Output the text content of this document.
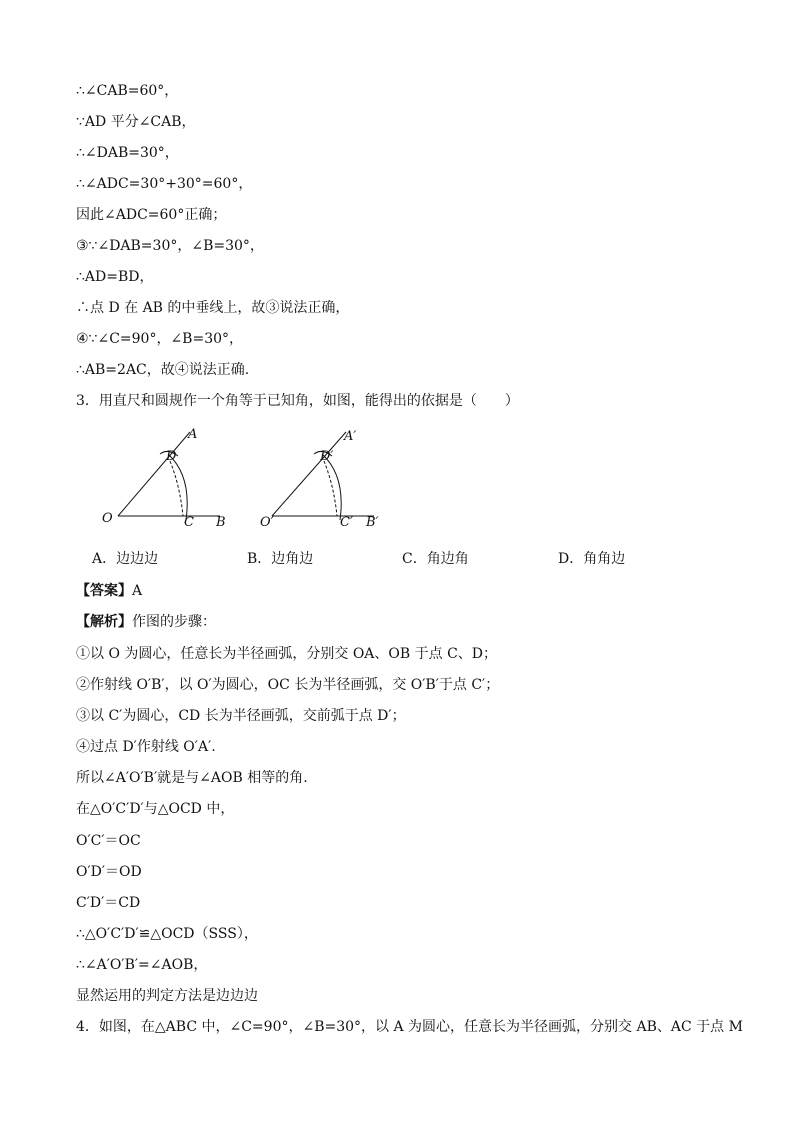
∴∠CAB=60°，
∵AD 平分∠CAB，
∴∠DAB=30°，
∴∠ADC=30°+30°=60°，
因此∠ADC=60°正确；
③∵∠DAB=30°，∠B=30°，
∴AD=BD，
∴点 D 在 AB 的中垂线上，故③说法正确，
④∵∠C=90°，∠B=30°，
∴AB=2AC，故④说法正确.
3．用直尺和圆规作一个角等于已知角，如图，能得出的依据是（　　）
O	C B
D
A
O′	C′ B′
D′
A′
A．边边边	B．边角边	C．角边角	D．角角边
【答案】A
【解析】作图的步骤：
①以 O 为圆心，任意长为半径画弧，分别交 OA、OB 于点 C、D；
②作射线 O′B′，以 O′为圆心，OC 长为半径画弧，交 O′B′于点 C′；
③以 C′为圆心，CD 长为半径画弧，交前弧于点 D′；
④过点 D′作射线 O′A′.
所以∠A′O′B′就是与∠AOB 相等的角.
在△O′C′D′与△OCD 中，
O′C′＝OC
O′D′＝OD
C′D′＝CD
∴△O′C′D′≌△OCD（SSS），
∴∠A′O′B′=∠AOB，
显然运用的判定方法是边边边
4．如图，在△ABC 中，∠C=90°，∠B=30°，以 A 为圆心，任意长为半径画弧，分别交 AB、AC 于点 M
